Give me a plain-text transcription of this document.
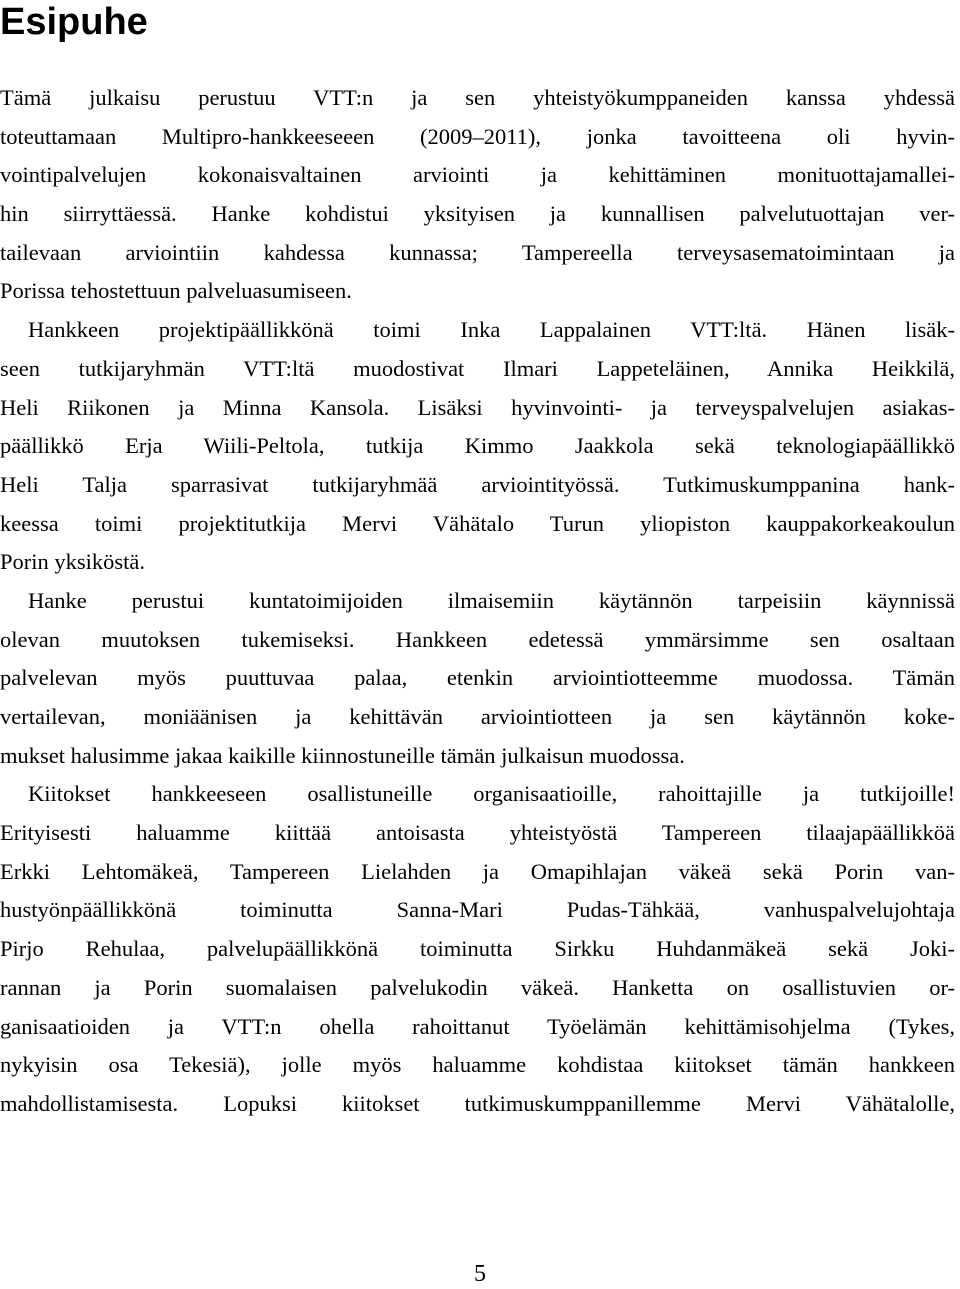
Esipuhe
Tämä julkaisu perustuu VTT:n ja sen yhteistyökumppaneiden kanssa yhdessä
toteuttamaan Multipro-hankkeeseeen (2009–2011), jonka tavoitteena oli hyvin-
vointipalvelujen kokonaisvaltainen arviointi ja kehittäminen monituottajamallei-
hin siirryttäessä. Hanke kohdistui yksityisen ja kunnallisen palvelutuottajan ver-
tailevaan arviointiin kahdessa kunnassa; Tampereella terveysasematoimintaan ja
Porissa tehostettuun palveluasumiseen.
Hankkeen projektipäällikkönä toimi Inka Lappalainen VTT:ltä. Hänen lisäk-
seen tutkijaryhmän VTT:ltä muodostivat Ilmari Lappeteläinen, Annika Heikkilä,
Heli Riikonen ja Minna Kansola. Lisäksi hyvinvointi- ja terveyspalvelujen asiakas-
päällikkö Erja Wiili-Peltola, tutkija Kimmo Jaakkola sekä teknologiapäällikkö
Heli Talja sparrasivat tutkijaryhmää arviointityössä. Tutkimuskumppanina hank-
keessa toimi projektitutkija Mervi Vähätalo Turun yliopiston kauppakorkeakoulun
Porin yksiköstä.
Hanke perustui kuntatoimijoiden ilmaisemiin käytännön tarpeisiin käynnissä
olevan muutoksen tukemiseksi. Hankkeen edetessä ymmärsimme sen osaltaan
palvelevan myös puuttuvaa palaa, etenkin arviointiotteemme muodossa. Tämän
vertailevan, moniäänisen ja kehittävän arviointiotteen ja sen käytännön koke-
mukset halusimme jakaa kaikille kiinnostuneille tämän julkaisun muodossa.
Kiitokset hankkeeseen osallistuneille organisaatioille, rahoittajille ja tutkijoille!
Erityisesti haluamme kiittää antoisasta yhteistyöstä Tampereen tilaajapäällikköä
Erkki Lehtomäkeä, Tampereen Lielahden ja Omapihlajan väkeä sekä Porin van-
hustyönpäällikkönä toiminutta Sanna-Mari Pudas-Tähkää, vanhuspalvelujohtaja
Pirjo Rehulaa, palvelupäällikkönä toiminutta Sirkku Huhdanmäkeä sekä Joki-
rannan ja Porin suomalaisen palvelukodin väkeä. Hanketta on osallistuvien or-
ganisaatioiden ja VTT:n ohella rahoittanut Työelämän kehittämisohjelma (Tykes,
nykyisin osa Tekesiä), jolle myös haluamme kohdistaa kiitokset tämän hankkeen
mahdollistamisesta. Lopuksi kiitokset tutkimuskumppanillemme Mervi Vähätalolle,
5
